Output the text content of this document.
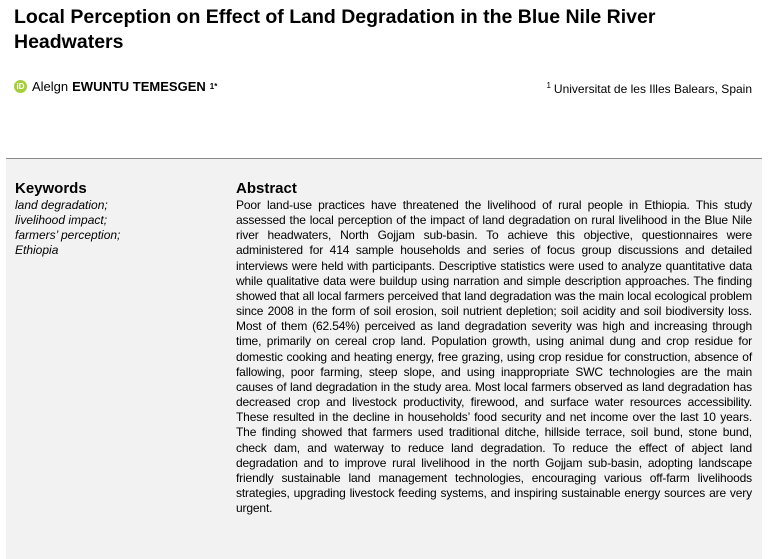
Local Perception on Effect of Land Degradation in the Blue Nile River Headwaters
iD Alelgn EWUNTU TEMESGEN 1*	$^1$ Universitat de les Illes Balears, Spain
Keywords
land degradation;
livelihood impact;
farmers’ perception;
Ethiopia
Abstract

Poor land-use practices have threatened the livelihood of rural people in Ethiopia. This study assessed the local perception of the impact of land degradation on rural livelihood in the Blue Nile river headwaters, North Gojjam sub-basin. To achieve this objective, questionnaires were administered for 414 sample households and series of focus group discussions and detailed interviews were held with participants. Descriptive statistics were used to analyze quantitative data while qualitative data were buildup using narration and simple description approaches. The finding showed that all local farmers perceived that land degradation was the main local ecological problem since 2008 in the form of soil erosion, soil nutrient depletion; soil acidity and soil biodiversity loss. Most of them (62.54%) perceived as land degradation severity was high and increasing through time, primarily on cereal crop land. Population growth, using animal dung and crop residue for domestic cooking and heating energy, free grazing, using crop residue for construction, absence of fallowing, poor farming, steep slope, and using inappropriate SWC technologies are the main causes of land degradation in the study area. Most local farmers observed as land degradation has decreased crop and livestock productivity, firewood, and surface water resources accessibility. These resulted in the decline in households’ food security and net income over the last 10 years. The finding showed that farmers used traditional ditche, hillside terrace, soil bund, stone bund, check dam, and waterway to reduce land degradation. To reduce the effect of abject land degradation and to improve rural livelihood in the north Gojjam sub-basin, adopting landscape friendly sustainable land management technologies, encouraging various off-farm livelihoods strategies, upgrading livestock feeding systems, and inspiring sustainable energy sources are very urgent.
